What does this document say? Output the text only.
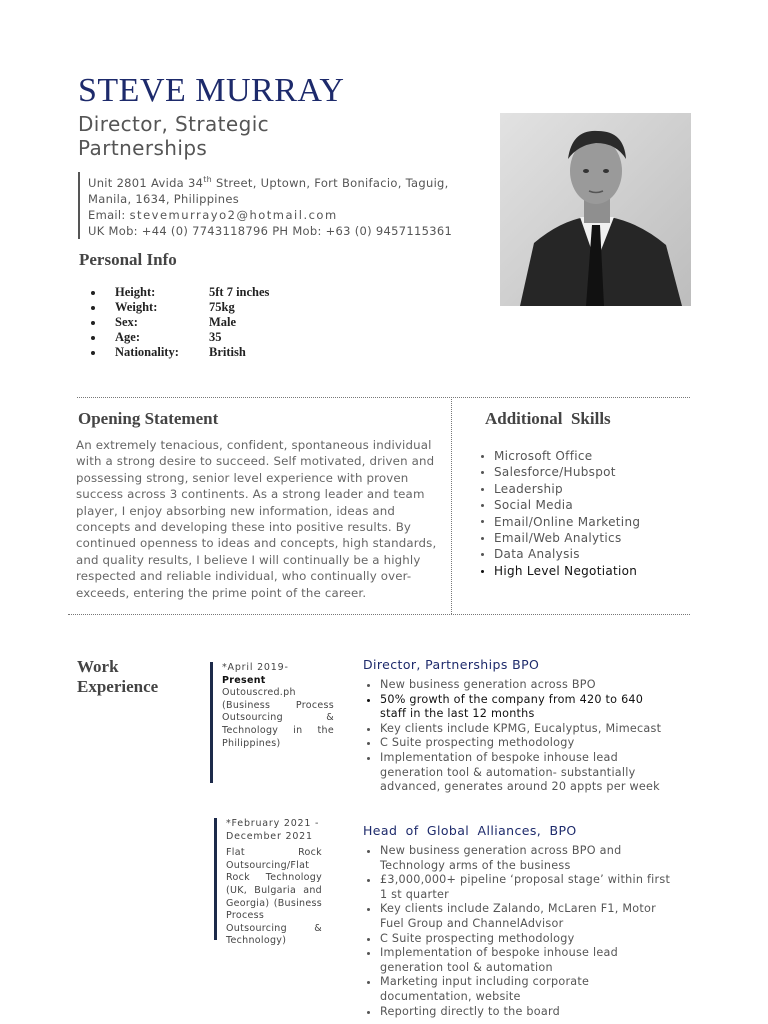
STEVE MURRAY
Director, Strategic
Partnerships
Unit 2801 Avida 34th Street, Uptown, Fort Bonifacio, Taguig,
Manila, 1634, Philippines
Email: stevemurrayo2@hotmail.com
UK Mob: +44 (0) 7743118796 PH Mob: +63 (0) 9457115361
Personal Info
Height:	5ft 7 inches
Weight:	75kg
Sex:	Male
Age:	35
Nationality:	British
Opening Statement
An extremely tenacious, confident, spontaneous individual with a strong desire to succeed. Self motivated, driven and possessing strong, senior level experience with proven success across 3 continents. As a strong leader and team player, I enjoy absorbing new information, ideas and concepts and developing these into positive results. By continued openness to ideas and concepts, high standards, and quality results, I believe I will continually be a highly respected and reliable individual, who continually over-exceeds, entering the prime point of the career.
Additional  Skills
Microsoft Office
Salesforce/Hubspot
Leadership
Social Media
Email/Online Marketing
Email/Web Analytics
Data Analysis
High Level Negotiation
Work
Experience
*April 2019-
Present
Outouscred.ph
(Business Process Outsourcing & Technology in the Philippines)
Director, Partnerships BPO
New business generation across BPO
50% growth of the company from 420 to 640 staff in the last 12 months
Key clients include KPMG, Eucalyptus, Mimecast
C Suite prospecting methodology
Implementation of bespoke inhouse lead generation tool & automation- substantially advanced, generates around 20 appts per week
*February 2021 - December 2021
Flat Rock Outsourcing/Flat Rock Technology (UK, Bulgaria and Georgia) (Business Process Outsourcing & Technology)
Head of Global Alliances, BPO
New business generation across BPO and Technology arms of the business
£3,000,000+ pipeline ‘proposal stage’ within first 1 st quarter
Key clients include Zalando, McLaren F1, Motor Fuel Group and ChannelAdvisor
C Suite prospecting methodology
Implementation of bespoke inhouse lead generation tool & automation
Marketing input including corporate documentation, website
Reporting directly to the board
